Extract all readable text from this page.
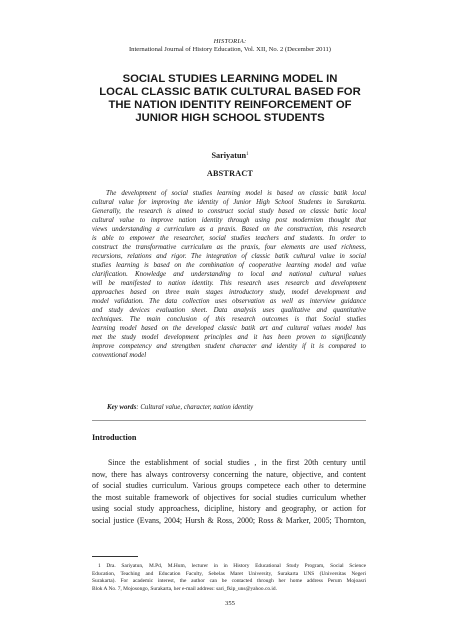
HISTORIA:
International Journal of History Education, Vol. XII, No. 2 (December 2011)
SOCIAL STUDIES LEARNING MODEL IN
LOCAL CLASSIC BATIK CULTURAL BASED FOR
THE NATION IDENTITY REINFORCEMENT OF
JUNIOR HIGH SCHOOL STUDENTS
Sariyatun$^1$
ABSTRACT

The development of social studies learning model is based on classic batik local
cultural value for improving the identity of Junior High School Students in Surakarta.
Generally, the research is aimed to construct social study based on classic batic local
cultural value to improve nation identity through using post modernism thought that
views understanding a curriculum as a praxis. Based on the construction, this research
is able to empower the researcher, social studies teachers and students. In order to
construct the transformative curriculum as the praxis, four elements are used richness,
recursions, relations and rigor. The integration of classic batik cultural value in social
studies learning is based on the combination of cooperative learning model and value
clarification. Knowledge and understanding to local and national cultural values
will be manifested to nation identity. This research uses research and development
approaches based on three main stages introductory study, model development and
model validation. The data collection uses observation as well as interview guidance
and study devices evaluation sheet. Data analysis uses qualitative and quantitative
techniques. The main conclusion of this research outcomes is that Social studies
learning model based on the developed classic batik art and cultural values model has
met the study model development principles and it has been proven to significantly
improve competency and strengthen student character and identity if it is compared to
conventional model

Key words: Cultural value, character, nation identity
Introduction

Since the establishment of social studies , in the first 20th century until
now, there has always controversy concerning the nature, objective, and content
of social studies curriculum. Various groups competece each other to determine
the most suitable framework of objectives for social studies curriculum whether
using social study approachess, dicipline, history and geography, or action for
social justice (Evans, 2004; Hursh & Ross, 2000; Ross & Marker, 2005; Thornton,

1 Dra. Sariyatun, M.Pd, M.Hum, lecturer in in History Educational Study Program, Social Science
Education, Teaching and Education Faculty, Sebelas Maret University, Surakarta UNS (Universitas Negeri
Surakarta). For academic interest, the author can be contacted through her home address Perum Mojoasri
Blok A No. 7, Mojosongo, Surakarta, her e-mail address: sari_fkip_uns@yahoo.co.id.

355
